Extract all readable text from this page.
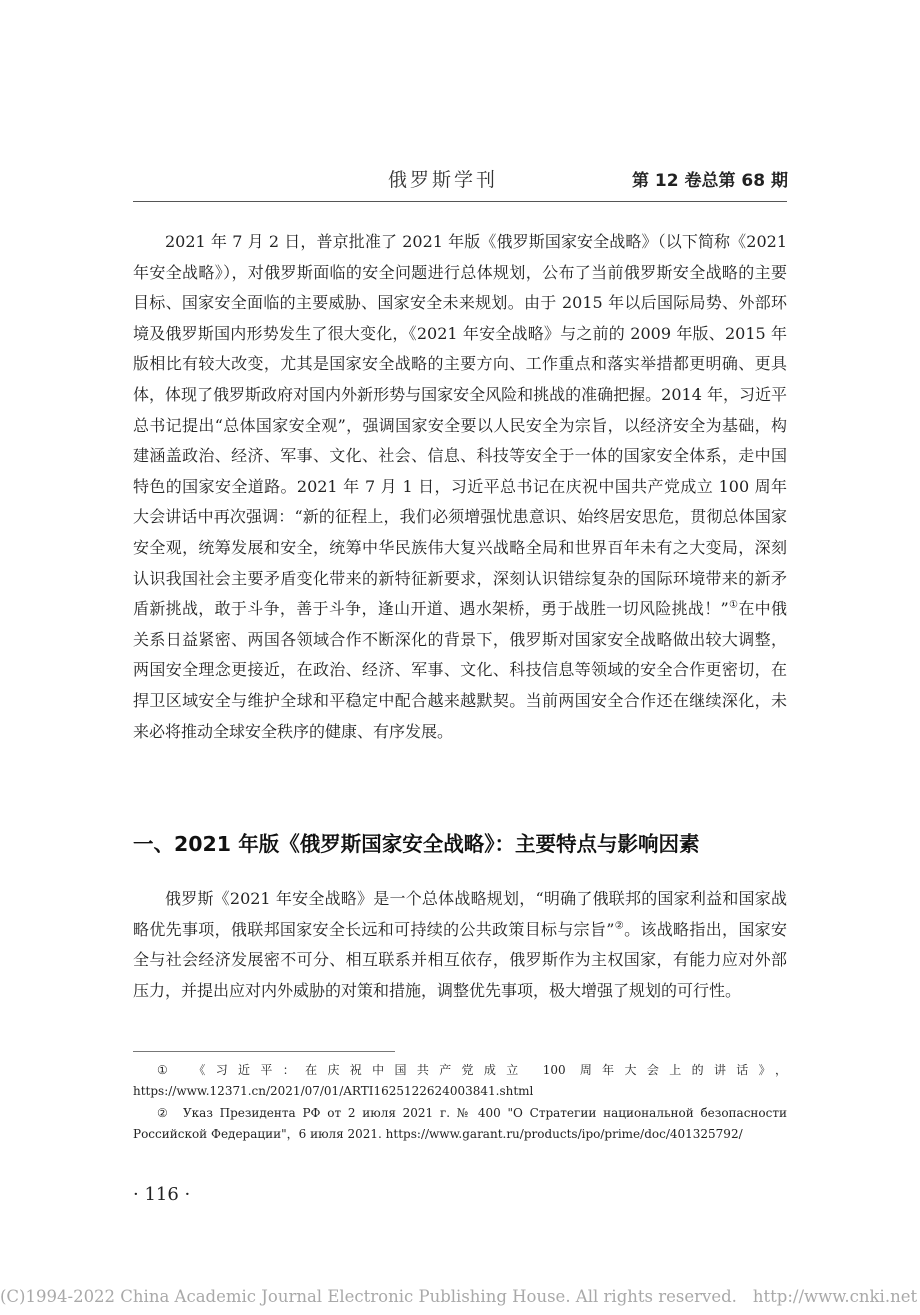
俄罗斯学刊	第 12 卷总第 68 期

2021 年 7 月 2 日，普京批准了 2021 年版《俄罗斯国家安全战略》（以下简称《2021 年安全战略》），对俄罗斯面临的安全问题进行总体规划，公布了当前俄罗斯安全战略的主要目标、国家安全面临的主要威胁、国家安全未来规划。由于 2015 年以后国际局势、外部环境及俄罗斯国内形势发生了很大变化，《2021 年安全战略》与之前的 2009 年版、2015 年版相比有较大改变，尤其是国家安全战略的主要方向、工作重点和落实举措都更明确、更具体，体现了俄罗斯政府对国内外新形势与国家安全风险和挑战的准确把握。2014 年，习近平总书记提出“总体国家安全观”，强调国家安全要以人民安全为宗旨，以经济安全为基础，构建涵盖政治、经济、军事、文化、社会、信息、科技等安全于一体的国家安全体系，走中国特色的国家安全道路。2021 年 7 月 1 日，习近平总书记在庆祝中国共产党成立 100 周年大会讲话中再次强调：“新的征程上，我们必须增强忧患意识、始终居安思危，贯彻总体国家安全观，统筹发展和安全，统筹中华民族伟大复兴战略全局和世界百年未有之大变局，深刻认识我国社会主要矛盾变化带来的新特征新要求，深刻认识错综复杂的国际环境带来的新矛盾新挑战，敢于斗争，善于斗争，逢山开道、遇水架桥，勇于战胜一切风险挑战！”①在中俄关系日益紧密、两国各领域合作不断深化的背景下，俄罗斯对国家安全战略做出较大调整，两国安全理念更接近，在政治、经济、军事、文化、科技信息等领域的安全合作更密切，在捍卫区域安全与维护全球和平稳定中配合越来越默契。当前两国安全合作还在继续深化，未来必将推动全球安全秩序的健康、有序发展。

一、2021 年版《俄罗斯国家安全战略》：主要特点与影响因素

俄罗斯《2021 年安全战略》是一个总体战略规划，“明确了俄联邦的国家利益和国家战略优先事项，俄联邦国家安全长远和可持续的公共政策目标与宗旨”②。该战略指出，国家安全与社会经济发展密不可分、相互联系并相互依存，俄罗斯作为主权国家，有能力应对外部压力，并提出应对内外威胁的对策和措施，调整优先事项，极大增强了规划的可行性。

① 《习近平：在庆祝中国共产党成立 100 周年大会上的讲话》，https://www.12371.cn/2021/07/01/ARTI1625122624003841.shtml

② Указ Президента РФ от 2 июля 2021 г. № 400 "О Стратегии национальной безопасности Российской Федерации"，6 июля 2021. https://www.garant.ru/products/ipo/prime/doc/401325792/

· 116 ·
(C)1994-2022 China Academic Journal Electronic Publishing House. All rights reserved. http://www.cnki.net
